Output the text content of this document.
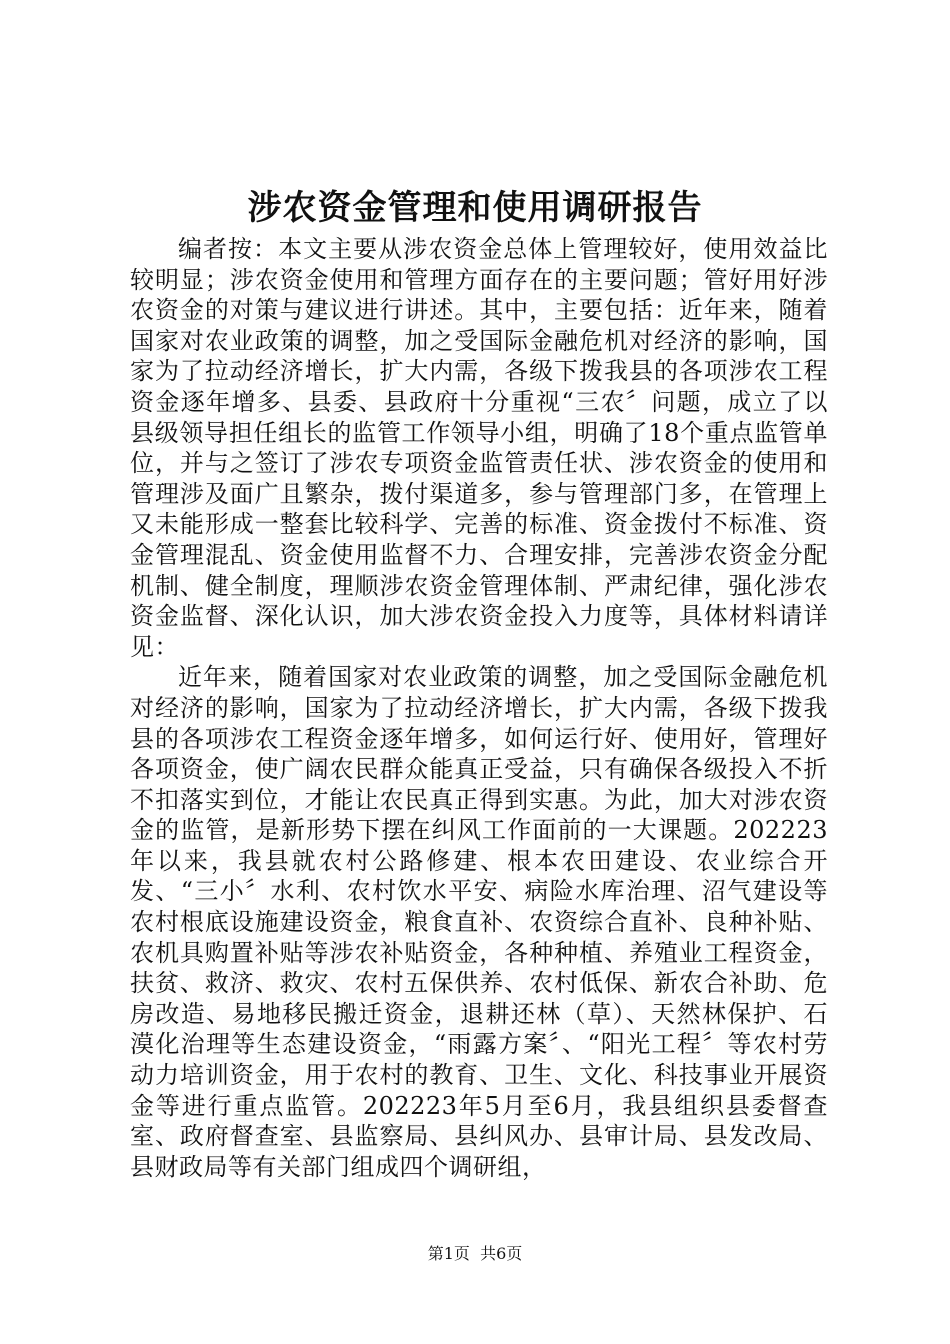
涉农资金管理和使用调研报告

编者按：本文主要从涉农资金总体上管理较好，使用效益比较明显；涉农资金使用和管理方面存在的主要问题；管好用好涉农资金的对策与建议进行讲述。其中，主要包括：近年来，随着国家对农业政策的调整，加之受国际金融危机对经济的影响，国家为了拉动经济增长，扩大内需，各级下拨我县的各项涉农工程资金逐年增多、县委、县政府十分重视“三农〞问题，成立了以县级领导担任组长的监管工作领导小组，明确了18个重点监管单位，并与之签订了涉农专项资金监管责任状、涉农资金的使用和管理涉及面广且繁杂，拨付渠道多，参与管理部门多，在管理上又未能形成一整套比较科学、完善的标准、资金拨付不标准、资金管理混乱、资金使用监督不力、合理安排，完善涉农资金分配机制、健全制度，理顺涉农资金管理体制、严肃纪律，强化涉农资金监督、深化认识，加大涉农资金投入力度等，具体材料请详见：

近年来，随着国家对农业政策的调整，加之受国际金融危机对经济的影响，国家为了拉动经济增长，扩大内需，各级下拨我县的各项涉农工程资金逐年增多，如何运行好、使用好，管理好各项资金，使广阔农民群众能真正受益，只有确保各级投入不折不扣落实到位，才能让农民真正得到实惠。为此，加大对涉农资金的监管，是新形势下摆在纠风工作面前的一大课题。202223年以来，我县就农村公路修建、根本农田建设、农业综合开发、“三小〞水利、农村饮水平安、病险水库治理、沼气建设等农村根底设施建设资金，粮食直补、农资综合直补、良种补贴、农机具购置补贴等涉农补贴资金，各种种植、养殖业工程资金，扶贫、救济、救灾、农村五保供养、农村低保、新农合补助、危房改造、易地移民搬迁资金，退耕还林（草）、天然林保护、石漠化治理等生态建设资金，“雨露方案〞、“阳光工程〞等农村劳动力培训资金，用于农村的教育、卫生、文化、科技事业开展资金等进行重点监管。202223年5月至6月，我县组织县委督查室、政府督查室、县监察局、县纠风办、县审计局、县发改局、县财政局等有关部门组成四个调研组，

第1页 共6页
